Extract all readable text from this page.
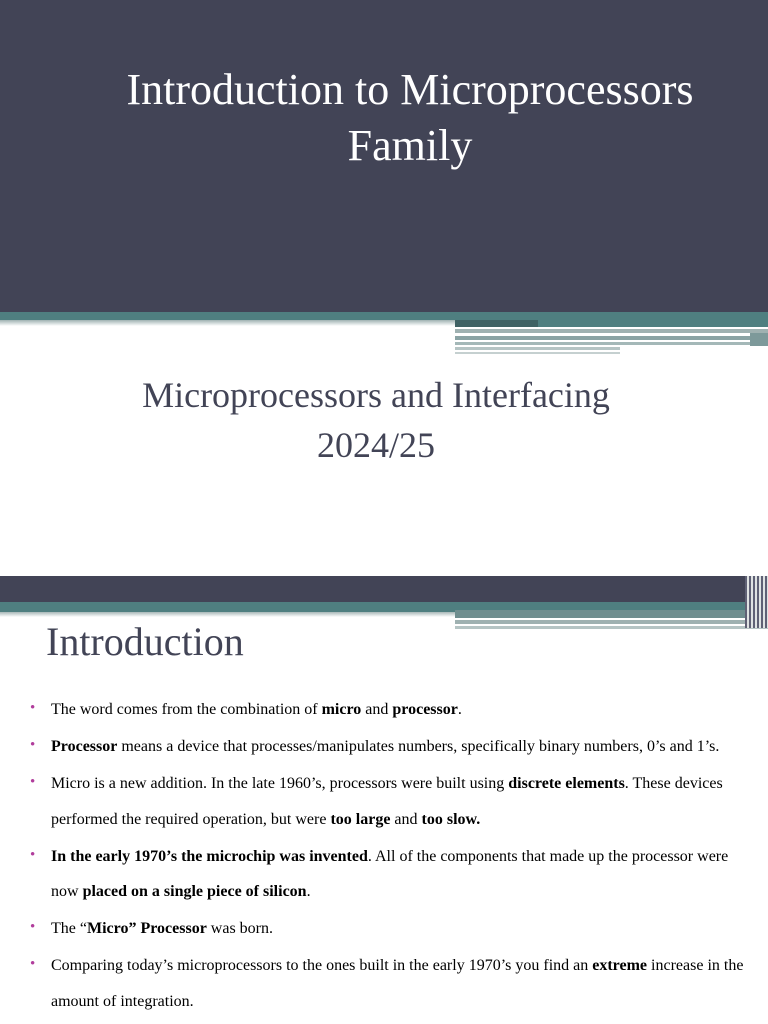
Introduction to Microprocessors
Family
Microprocessors and Interfacing
2024/25
Introduction
• The word comes from the combination of micro and processor.
• Processor means a device that processes/manipulates numbers, specifically binary numbers, 0’s and 1’s.
• Micro is a new addition. In the late 1960’s, processors were built using discrete elements. These devices performed the required operation, but were too large and too slow.
• In the early 1970’s the microchip was invented. All of the components that made up the processor were now placed on a single piece of silicon.
• The “Micro” Processor was born.
• Comparing today’s microprocessors to the ones built in the early 1970’s you find an extreme increase in the amount of integration.
